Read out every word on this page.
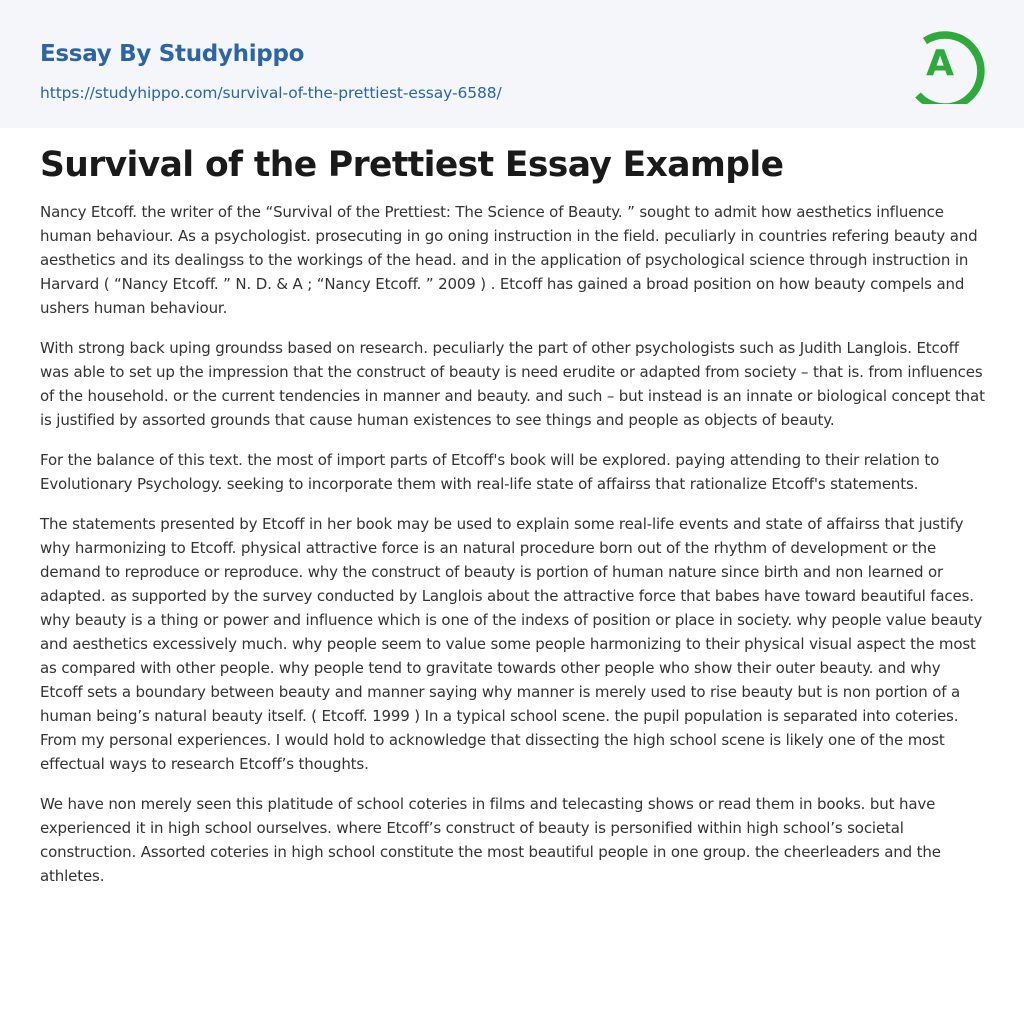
Essay By Studyhippo
https://studyhippo.com/survival-of-the-prettiest-essay-6588/
A
Survival of the Prettiest Essay Example

Nancy Etcoff. the writer of the “Survival of the Prettiest: The Science of Beauty. ” sought to admit how aesthetics influence human behaviour. As a psychologist. prosecuting in go oning instruction in the field. peculiarly in countries refering beauty and aesthetics and its dealingss to the workings of the head. and in the application of psychological science through instruction in Harvard ( “Nancy Etcoff. ” N. D. & A ; “Nancy Etcoff. ” 2009 ) . Etcoff has gained a broad position on how beauty compels and ushers human behaviour.

With strong back uping groundss based on research. peculiarly the part of other psychologists such as Judith Langlois. Etcoff was able to set up the impression that the construct of beauty is need erudite or adapted from society – that is. from influences of the household. or the current tendencies in manner and beauty. and such – but instead is an innate or biological concept that is justified by assorted grounds that cause human existences to see things and people as objects of beauty.

For the balance of this text. the most of import parts of Etcoff's book will be explored. paying attending to their relation to Evolutionary Psychology. seeking to incorporate them with real-life state of affairss that rationalize Etcoff's statements.

The statements presented by Etcoff in her book may be used to explain some real-life events and state of affairss that justify why harmonizing to Etcoff. physical attractive force is an natural procedure born out of the rhythm of development or the demand to reproduce or reproduce. why the construct of beauty is portion of human nature since birth and non learned or adapted. as supported by the survey conducted by Langlois about the attractive force that babes have toward beautiful faces. why beauty is a thing or power and influence which is one of the indexs of position or place in society. why people value beauty and aesthetics excessively much. why people seem to value some people harmonizing to their physical visual aspect the most as compared with other people. why people tend to gravitate towards other people who show their outer beauty. and why Etcoff sets a boundary between beauty and manner saying why manner is merely used to rise beauty but is non portion of a human being’s natural beauty itself. ( Etcoff. 1999 ) In a typical school scene. the pupil population is separated into coteries. From my personal experiences. I would hold to acknowledge that dissecting the high school scene is likely one of the most effectual ways to research Etcoff’s thoughts.

We have non merely seen this platitude of school coteries in films and telecasting shows or read them in books. but have experienced it in high school ourselves. where Etcoff’s construct of beauty is personified within high school’s societal construction. Assorted coteries in high school constitute the most beautiful people in one group. the cheerleaders and the athletes.
